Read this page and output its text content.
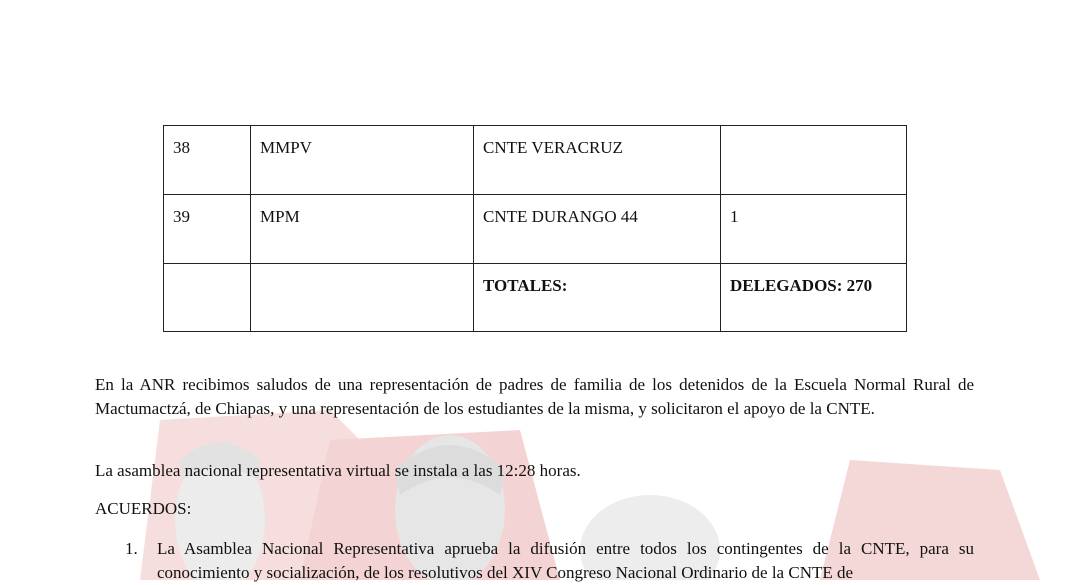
38	MMPV	CNTE VERACRUZ	
39	MPM	CNTE DURANGO 44	1
		TOTALES:	DELEGADOS: 270

En la ANR recibimos saludos de una representación de padres de familia de los detenidos de la Escuela Normal Rural de Mactumactzá, de Chiapas, y una representación de los estudiantes de la misma, y solicitaron el apoyo de la CNTE.

La asamblea nacional representativa virtual se instala a las 12:28 horas.

ACUERDOS:

1. La Asamblea Nacional Representativa aprueba la difusión entre todos los contingentes de la CNTE, para su conocimiento y socialización, de los resolutivos del XIV Congreso Nacional Ordinario de la CNTE de
